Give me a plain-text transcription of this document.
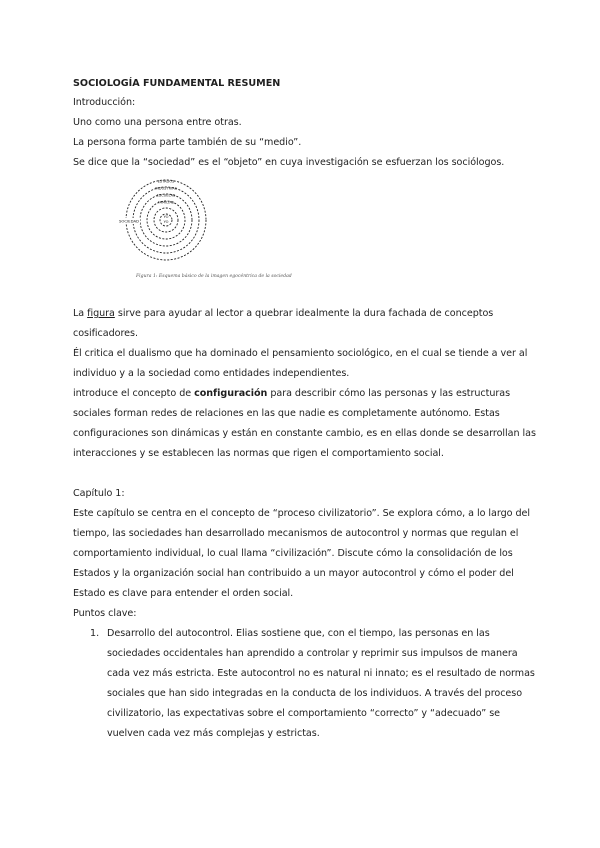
SOCIOLOGÍA FUNDAMENTAL RESUMEN
Introducción:
Uno como una persona entre otras.
La persona forma parte también de su “medio”.
Se dice que la “sociedad” es el “objeto” en cuya investigación se esfuerzan los sociólogos.
ESTADOS
INDUSTRIAS
ESCUELAS
FAMILIAS
YO
YO
SOCIEDAD
Figura 1: Esquema básico de la imagen egocéntrica de la sociedad
La figura sirve para ayudar al lector a quebrar idealmente la dura fachada de conceptos
cosificadores.
Él critica el dualismo que ha dominado el pensamiento sociológico, en el cual se tiende a ver al
individuo y a la sociedad como entidades independientes.
introduce el concepto de configuración para describir cómo las personas y las estructuras
sociales forman redes de relaciones en las que nadie es completamente autónomo. Estas
configuraciones son dinámicas y están en constante cambio, es en ellas donde se desarrollan las
interacciones y se establecen las normas que rigen el comportamiento social.
Capítulo 1:
Este capítulo se centra en el concepto de “proceso civilizatorio”. Se explora cómo, a lo largo del
tiempo, las sociedades han desarrollado mecanismos de autocontrol y normas que regulan el
comportamiento individual, lo cual llama “civilización”. Discute cómo la consolidación de los
Estados y la organización social han contribuido a un mayor autocontrol y cómo el poder del
Estado es clave para entender el orden social.
Puntos clave:
1. Desarrollo del autocontrol. Elias sostiene que, con el tiempo, las personas en las
sociedades occidentales han aprendido a controlar y reprimir sus impulsos de manera
cada vez más estricta. Este autocontrol no es natural ni innato; es el resultado de normas
sociales que han sido integradas en la conducta de los individuos. A través del proceso
civilizatorio, las expectativas sobre el comportamiento “correcto” y “adecuado” se
vuelven cada vez más complejas y estrictas.
